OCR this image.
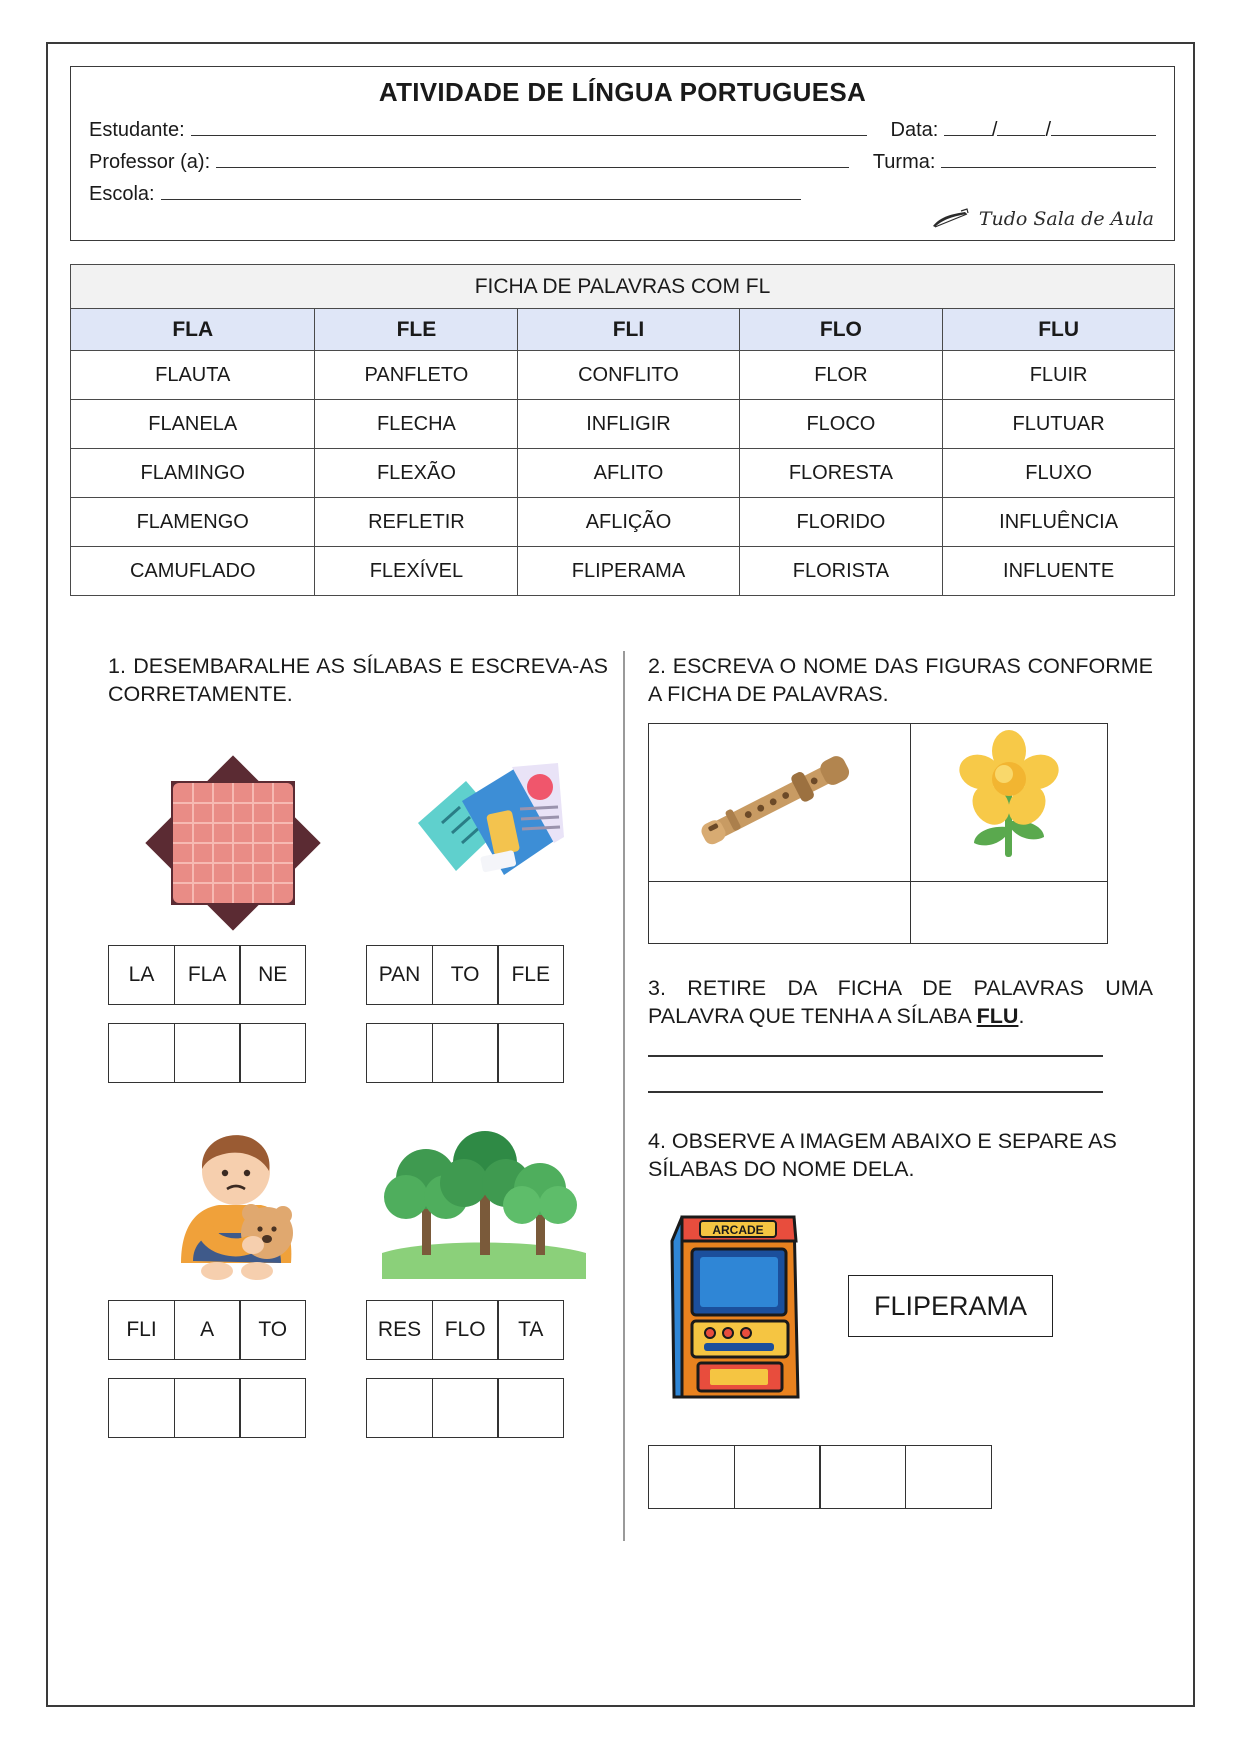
ATIVIDADE DE LÍNGUA PORTUGUESA
Estudante:	Data:	/ /
Professor (a):	Turma:
Escola:
Tudo Sala de Aula
FICHA DE PALAVRAS COM FL				
FLA	FLE	FLI	FLO	FLU
FLAUTA	PANFLETO	CONFLITO	FLOR	FLUIR
FLANELA	FLECHA	INFLIGIR	FLOCO	FLUTUAR
FLAMINGO	FLEXÃO	AFLITO	FLORESTA	FLUXO
FLAMENGO	REFLETIR	AFLIÇÃO	FLORIDO	INFLUÊNCIA
CAMUFLADO	FLEXÍVEL	FLIPERAMA	FLORISTA	INFLUENTE
1. DESEMBARALHE AS SÍLABAS E ESCREVA-AS CORRETAMENTE.
LA	FLA	NE	PAN	TO	FLE
FLI	A	TO	RES	FLO	TA
2. ESCREVA O NOME DAS FIGURAS CONFORME A FICHA DE PALAVRAS.

3. RETIRE DA FICHA DE PALAVRAS UMA PALAVRA QUE TENHA A SÍLABA FLU.
4. OBSERVE A IMAGEM ABAIXO E SEPARE AS SÍLABAS DO NOME DELA.
ARCADE
FLIPERAMA
